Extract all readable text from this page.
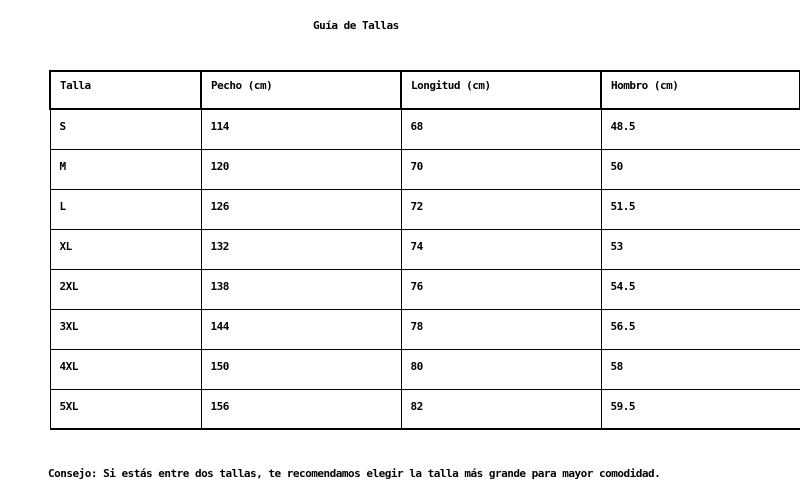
Guía de Tallas
Talla	Pecho (cm)	Longitud (cm)	Hombro (cm)
S	114	68	48.5
M	120	70	50
L	126	72	51.5
XL	132	74	53
2XL	138	76	54.5
3XL	144	78	56.5
4XL	150	80	58
5XL	156	82	59.5
Consejo: Si estás entre dos tallas, te recomendamos elegir la talla más grande para mayor comodidad.
